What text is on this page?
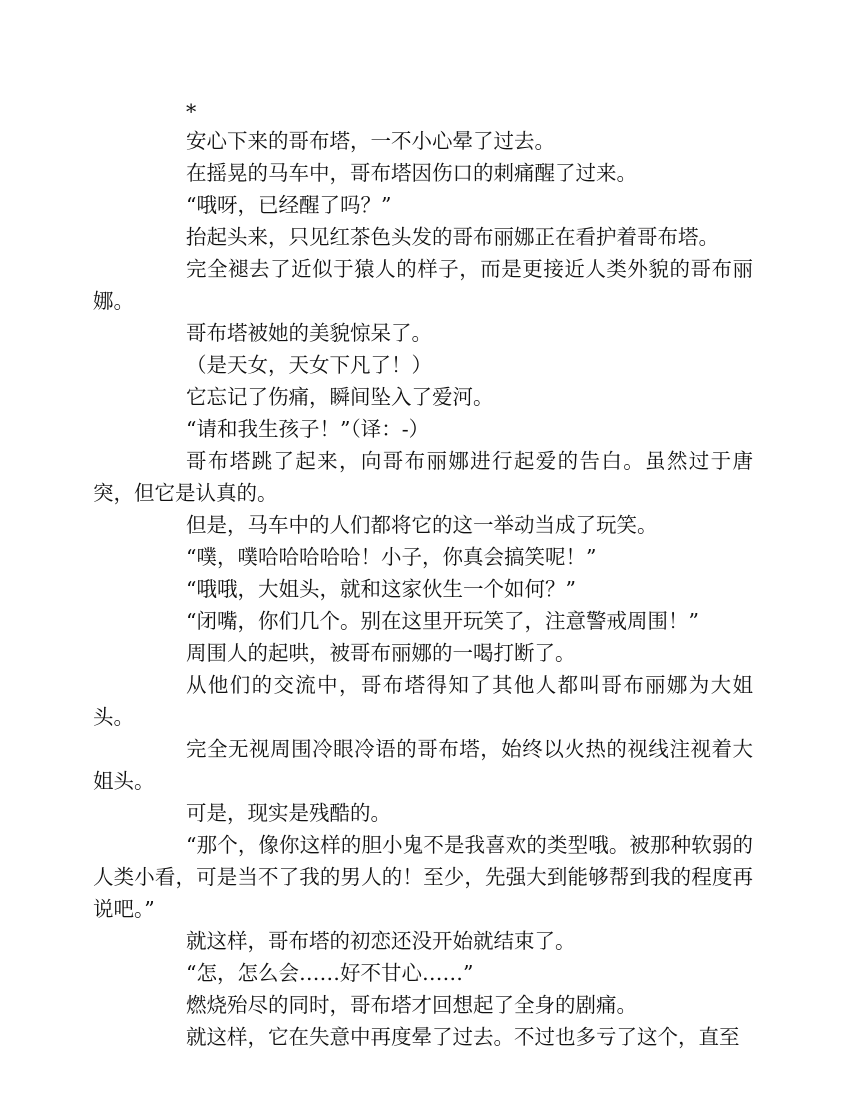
*

安心下来的哥布塔，一不小心晕了过去。

在摇晃的马车中，哥布塔因伤口的刺痛醒了过来。

“哦呀，已经醒了吗？”

抬起头来，只见红茶色头发的哥布丽娜正在看护着哥布塔。

完全褪去了近似于猿人的样子，而是更接近人类外貌的哥布丽娜。

哥布塔被她的美貌惊呆了。

（是天女，天女下凡了！）

它忘记了伤痛，瞬间坠入了爱河。

“请和我生孩子！”（译：-）

哥布塔跳了起来，向哥布丽娜进行起爱的告白。虽然过于唐突，但它是认真的。

但是，马车中的人们都将它的这一举动当成了玩笑。

“噗，噗哈哈哈哈哈！小子，你真会搞笑呢！”

“哦哦，大姐头，就和这家伙生一个如何？”

“闭嘴，你们几个。别在这里开玩笑了，注意警戒周围！”

周围人的起哄，被哥布丽娜的一喝打断了。

从他们的交流中，哥布塔得知了其他人都叫哥布丽娜为大姐头。

完全无视周围冷眼冷语的哥布塔，始终以火热的视线注视着大姐头。

可是，现实是残酷的。

“那个，像你这样的胆小鬼不是我喜欢的类型哦。被那种软弱的人类小看，可是当不了我的男人的！至少，先强大到能够帮到我的程度再说吧。”

就这样，哥布塔的初恋还没开始就结束了。

“怎，怎么会……好不甘心……”

燃烧殆尽的同时，哥布塔才回想起了全身的剧痛。

就这样，它在失意中再度晕了过去。不过也多亏了这个，直至
